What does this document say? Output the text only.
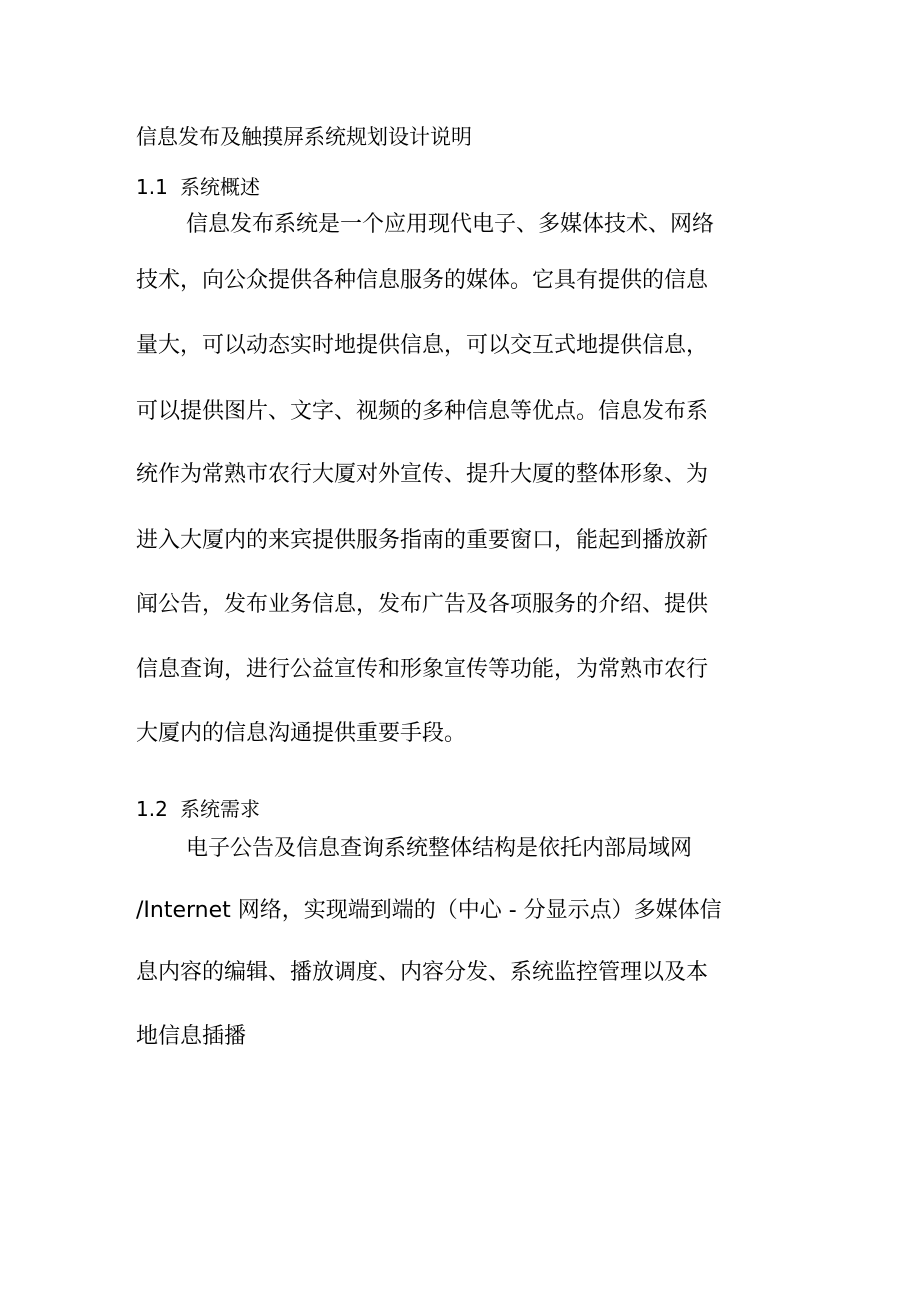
信息发布及触摸屏系统规划设计说明
1.1 系统概述
信息发布系统是一个应用现代电子、多媒体技术、网络
技术，向公众提供各种信息服务的媒体。它具有提供的信息
量大，可以动态实时地提供信息，可以交互式地提供信息，
可以提供图片、文字、视频的多种信息等优点。信息发布系
统作为常熟市农行大厦对外宣传、提升大厦的整体形象、为
进入大厦内的来宾提供服务指南的重要窗口，能起到播放新
闻公告，发布业务信息，发布广告及各项服务的介绍、提供
信息查询，进行公益宣传和形象宣传等功能，为常熟市农行
大厦内的信息沟通提供重要手段。
1.2 系统需求
电子公告及信息查询系统整体结构是依托内部局域网
/Internet 网络，实现端到端的（中心 - 分显示点）多媒体信
息内容的编辑、播放调度、内容分发、系统监控管理以及本
地信息插播
